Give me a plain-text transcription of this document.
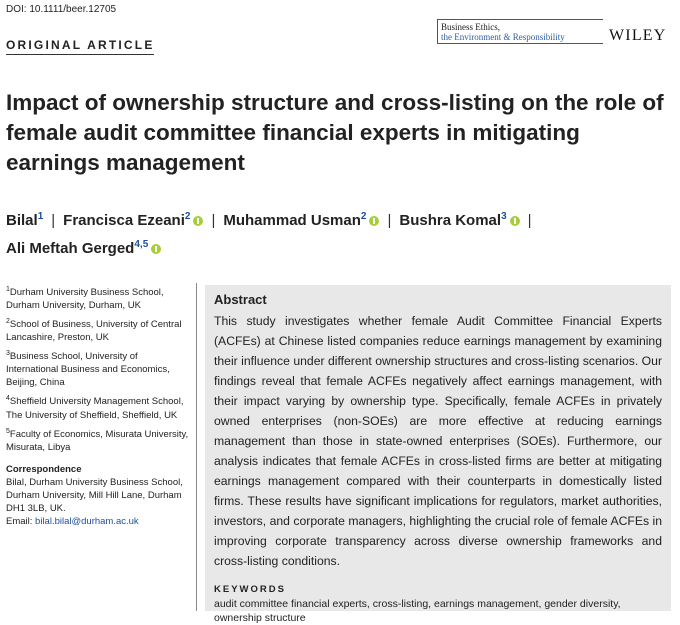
DOI: 10.1111/beer.12705
ORIGINAL ARTICLE
Business Ethics,
the Environment & Responsibility	WILEY
Impact of ownership structure and cross-listing on the role of female audit committee financial experts in mitigating earnings management
Bilal$^1$ | Francisca Ezeani$^2$ | Muhammad Usman$^2$ | Bushra Komal$^3$ |
Ali Meftah Gerged$^{4,5}$
$^1$Durham University Business School, Durham University, Durham, UK
$^2$School of Business, University of Central Lancashire, Preston, UK
$^3$Business School, University of International Business and Economics, Beijing, China
$^4$Sheffield University Management School, The University of Sheffield, Sheffield, UK
$^5$Faculty of Economics, Misurata University, Misurata, Libya
Correspondence
Bilal, Durham University Business School, Durham University, Mill Hill Lane, Durham DH1 3LB, UK.
Email: bilal.bilal@durham.ac.uk
Abstract

This study investigates whether female Audit Committee Financial Experts (ACFEs) at Chinese listed companies reduce earnings management by examining their influence under different ownership structures and cross-listing scenarios. Our findings reveal that female ACFEs negatively affect earnings management, with their impact varying by ownership type. Specifically, female ACFEs in privately owned enterprises (non-SOEs) are more effective at reducing earnings management than those in state-owned enterprises (SOEs). Furthermore, our analysis indicates that female ACFEs in cross-listed firms are better at mitigating earnings management compared with their counterparts in domestically listed firms. These results have significant implications for regulators, market authorities, investors, and corporate managers, highlighting the crucial role of female ACFEs in improving corporate transparency across diverse ownership frameworks and cross-listing conditions.

KEYWORDS
audit committee financial experts, cross-listing, earnings management, gender diversity, ownership structure
